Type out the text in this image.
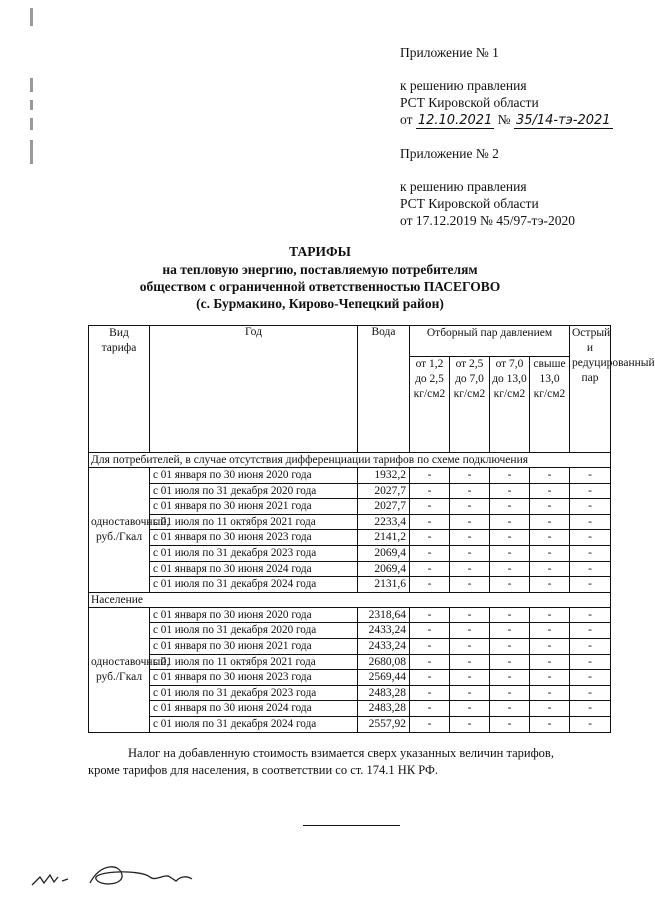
Приложение № 1
к решению правления
РСТ Кировской области
от 12.10.2021 № 35/14-тэ-2021
Приложение № 2
к решению правления
РСТ Кировской области
от 17.12.2019 № 45/97-тэ-2020
ТАРИФЫ
на тепловую энергию, поставляемую потребителям
обществом с ограниченной ответственностью ПАСЕГОВО
(с. Бурмакино, Кирово-Чепецкий район)
Вид тарифа	Год	Вода	Отборный пар давлением				Острый и редуцированный пар
			от 1,2 до 2,5 кг/см2	от 2,5 до 7,0 кг/см2	от 7,0 до 13,0 кг/см2	свыше 13,0 кг/см2	
Для потребителей, в случае отсутствия дифференциации тарифов по схеме подключения							
одноставочный, руб./Гкал	с 01 января по 30 июня 2020 года	1932,2	-	-	-	-	-
	с 01 июля по 31 декабря 2020 года	2027,7	-	-	-	-	-
	с 01 января по 30 июня 2021 года	2027,7	-	-	-	-	-
	с 01 июля по 11 октября 2021 года	2233,4	-	-	-	-	-
	с 01 января по 30 июня 2023 года	2141,2	-	-	-	-	-
	с 01 июля по 31 декабря 2023 года	2069,4	-	-	-	-	-
	с 01 января по 30 июня 2024 года	2069,4	-	-	-	-	-
	с 01 июля по 31 декабря 2024 года	2131,6	-	-	-	-	-
Население							
одноставочный, руб./Гкал	с 01 января по 30 июня 2020 года	2318,64	-	-	-	-	-
	с 01 июля по 31 декабря 2020 года	2433,24	-	-	-	-	-
	с 01 января по 30 июня 2021 года	2433,24	-	-	-	-	-
	с 01 июля по 11 октября 2021 года	2680,08	-	-	-	-	-
	с 01 января по 30 июня 2023 года	2569,44	-	-	-	-	-
	с 01 июля по 31 декабря 2023 года	2483,28	-	-	-	-	-
	с 01 января по 30 июня 2024 года	2483,28	-	-	-	-	-
	с 01 июля по 31 декабря 2024 года	2557,92	-	-	-	-	-
Налог на добавленную стоимость взимается сверх указанных величин тарифов,
кроме тарифов для населения, в соответствии со ст. 174.1 НК РФ.
